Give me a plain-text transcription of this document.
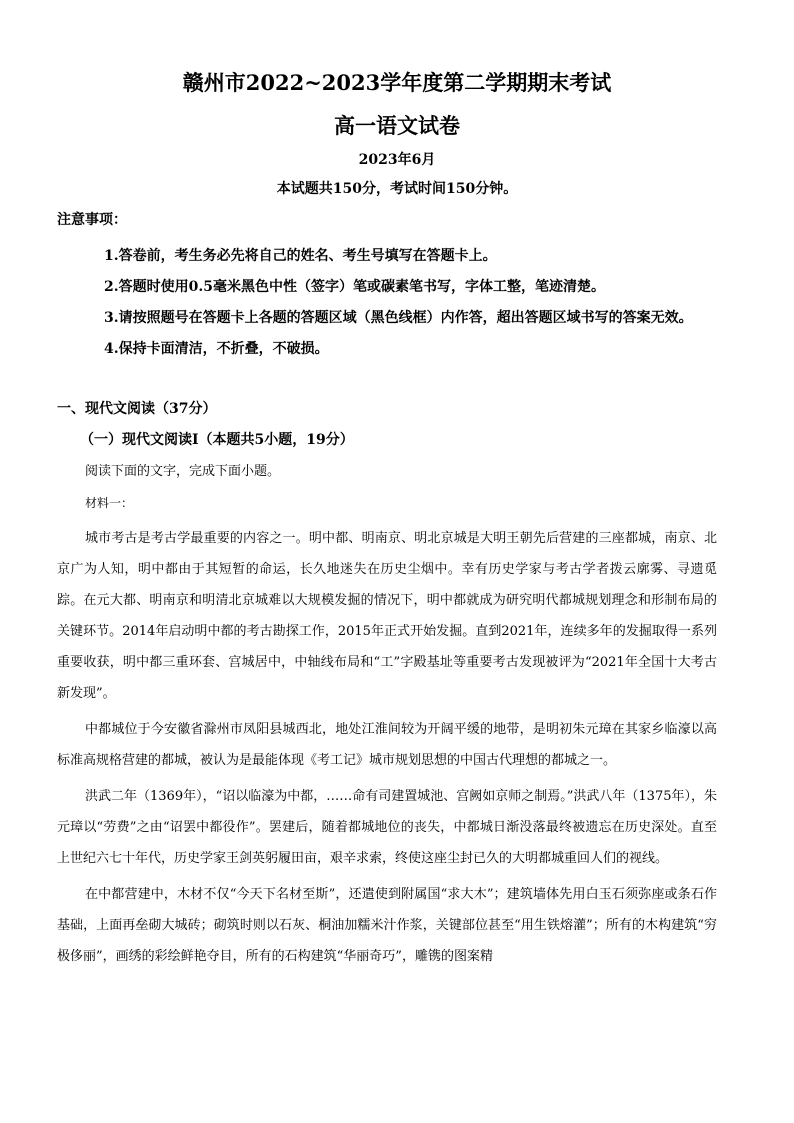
赣州市2022~2023学年度第二学期期末考试
高一语文试卷
2023年6月
本试题共150分，考试时间150分钟。
注意事项：

1.答卷前，考生务必先将自己的姓名、考生号填写在答题卡上。

2.答题时使用0.5毫米黑色中性（签字）笔或碳素笔书写，字体工整，笔迹清楚。

3.请按照题号在答题卡上各题的答题区域（黑色线框）内作答，超出答题区域书写的答案无效。

4.保持卡面清洁，不折叠，不破损。

一、现代文阅读（37分）
（一）现代文阅读Ⅰ（本题共5小题，19分）
阅读下面的文字，完成下面小题。
材料一：

城市考古是考古学最重要的内容之一。明中都、明南京、明北京城是大明王朝先后营建的三座都城，南京、北京广为人知，明中都由于其短暂的命运，长久地迷失在历史尘烟中。幸有历史学家与考古学者拨云廓雾、寻遗觅踪。在元大都、明南京和明清北京城难以大规模发掘的情况下，明中都就成为研究明代都城规划理念和形制布局的关键环节。2014年启动明中都的考古勘探工作，2015年正式开始发掘。直到2021年，连续多年的发掘取得一系列重要收获，明中都三重环套、宫城居中，中轴线布局和“工”字殿基址等重要考古发现被评为“2021年全国十大考古新发现”。

中都城位于今安徽省滁州市凤阳县城西北，地处江淮间较为开阔平缓的地带，是明初朱元璋在其家乡临濠以高标准高规格营建的都城，被认为是最能体现《考工记》城市规划思想的中国古代理想的都城之一。

洪武二年（1369年），“诏以临濠为中都，……命有司建置城池、宫阙如京师之制焉。”洪武八年（1375年），朱元璋以“劳费”之由“诏罢中都役作”。罢建后，随着都城地位的丧失，中都城日渐没落最终被遗忘在历史深处。直至上世纪六七十年代，历史学家王剑英躬履田亩，艰辛求索，终使这座尘封已久的大明都城重回人们的视线。

在中都营建中，木材不仅“今天下名材至斯”，还遣使到附属国“求大木”；建筑墙体先用白玉石须弥座或条石作基础，上面再垒砌大城砖；砌筑时则以石灰、桐油加糯米汁作浆，关键部位甚至“用生铁熔灌”；所有的木构建筑“穷极侈丽”，画绣的彩绘鲜艳夺目，所有的石构建筑“华丽奇巧”，雕镌的图案精
